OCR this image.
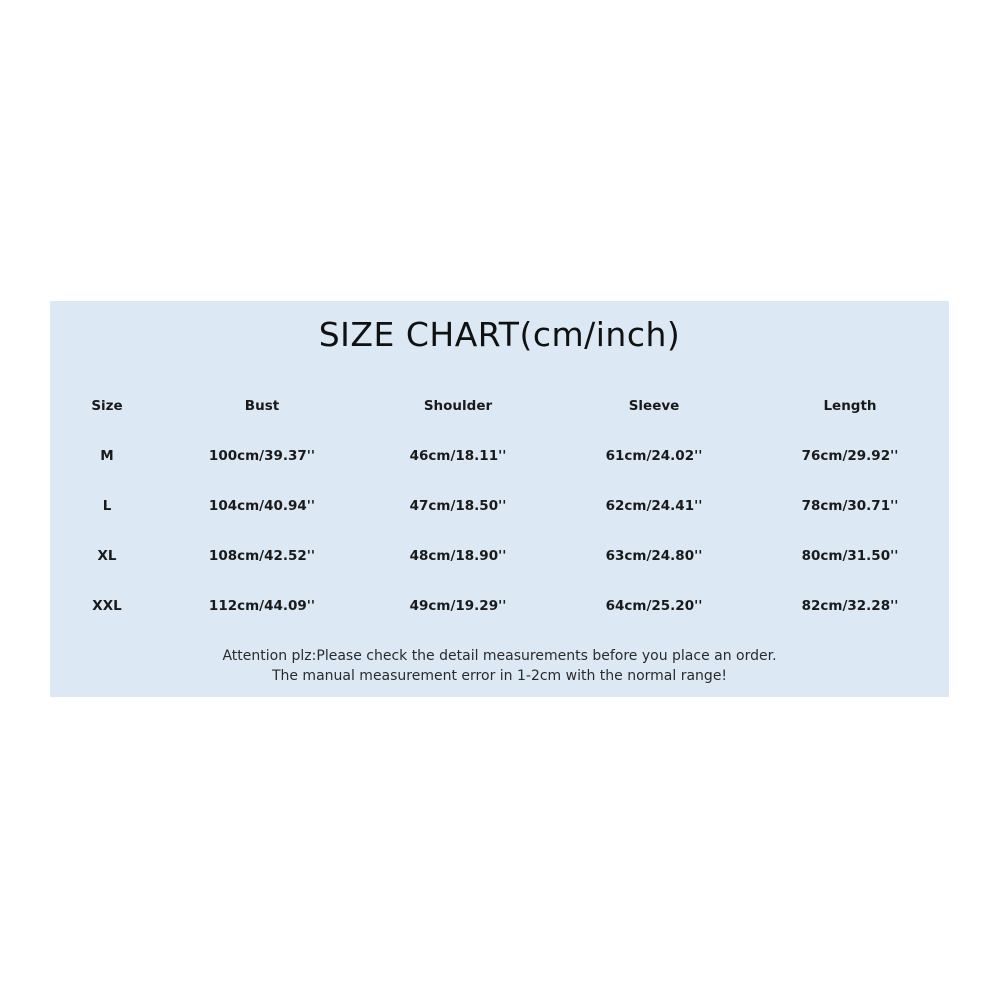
SIZE CHART(cm/inch)
Size	Bust	Shoulder	Sleeve	Length
M	100cm/39.37''	46cm/18.11''	61cm/24.02''	76cm/29.92''
L	104cm/40.94''	47cm/18.50''	62cm/24.41''	78cm/30.71''
XL	108cm/42.52''	48cm/18.90''	63cm/24.80''	80cm/31.50''
XXL	112cm/44.09''	49cm/19.29''	64cm/25.20''	82cm/32.28''
Attention plz:Please check the detail measurements before you place an order.
The manual measurement error in 1-2cm with the normal range!
